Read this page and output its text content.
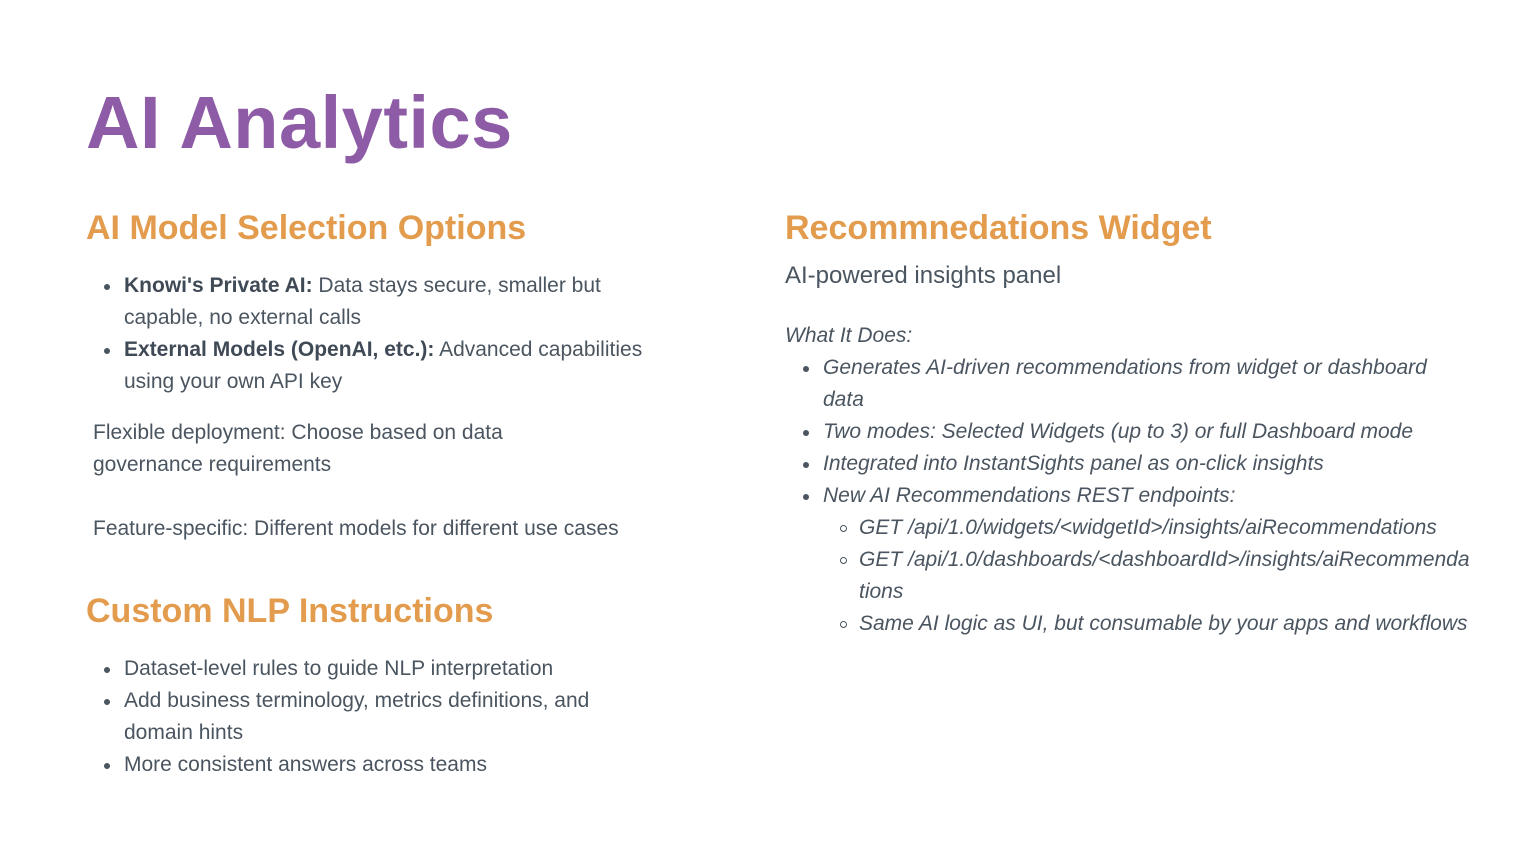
AI Analytics
AI Model Selection Options
Knowi's Private AI: Data stays secure, smaller but capable, no external calls
External Models (OpenAI, etc.): Advanced capabilities using your own API key

Flexible deployment: Choose based on data governance requirements

Feature-specific: Different models for different use cases

Custom NLP Instructions
Dataset-level rules to guide NLP interpretation
Add business terminology, metrics definitions, and domain hints
More consistent answers across teams
Recommnedations Widget

AI-powered insights panel

What It Does:

Generates AI-driven recommendations from widget or dashboard data
Two modes: Selected Widgets (up to 3) or full Dashboard mode
Integrated into InstantSights panel as on-click insights
New AI Recommendations REST endpoints:
GET /api/1.0/widgets/<widgetId>/insights/aiRecommendations
GET /api/1.0/dashboards/<dashboardId>/insights/aiRecommendations
Same AI logic as UI, but consumable by your apps and workflows
